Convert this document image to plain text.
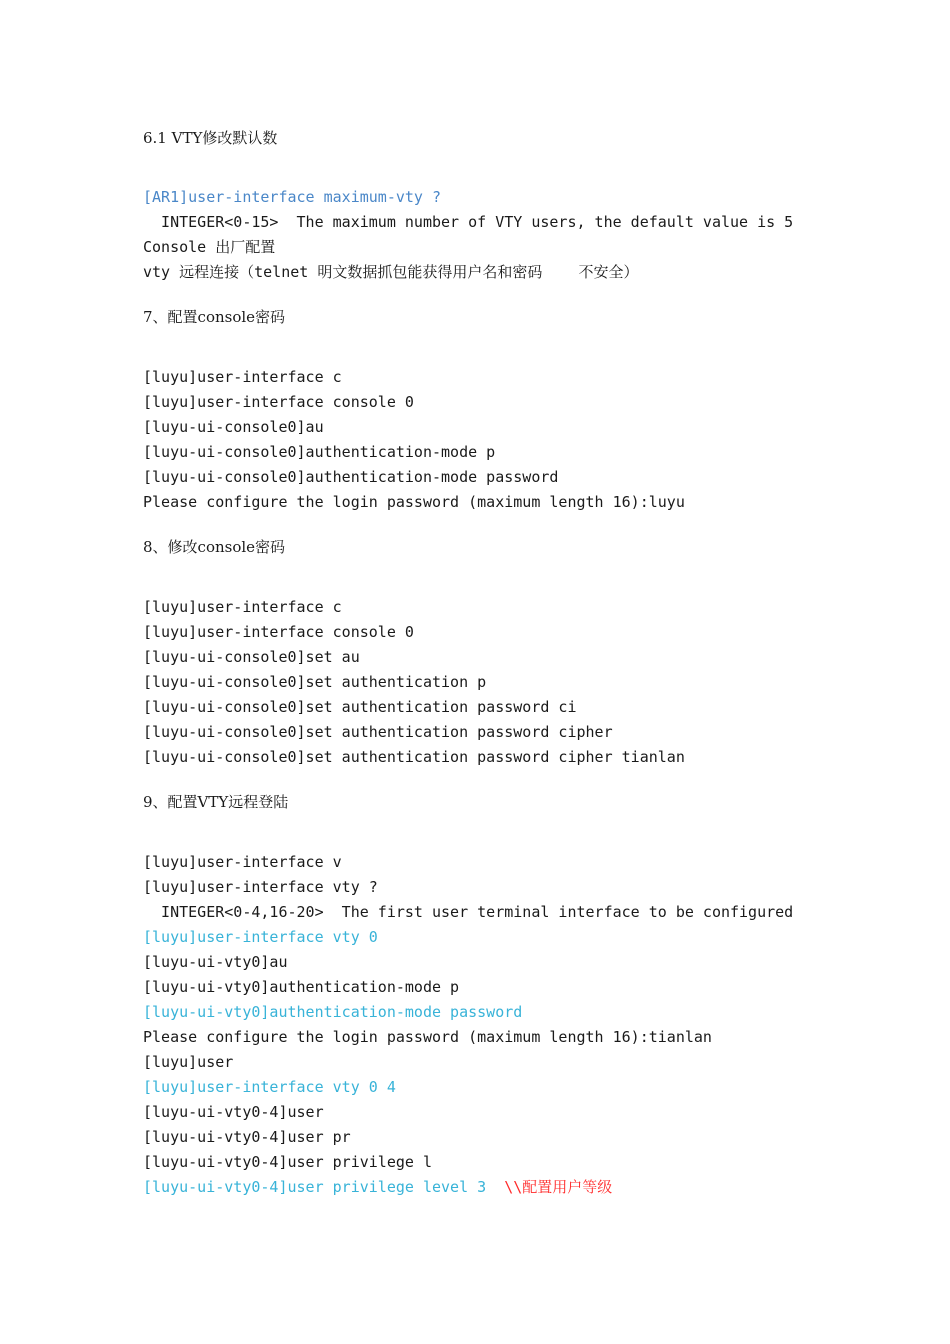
6.1 VTY修改默认数
[AR1]user-interface maximum-vty ?
INTEGER<0-15>  The maximum number of VTY users, the default value is 5
Console 出厂配置
vty 远程连接（telnet 明文数据抓包能获得用户名和密码    不安全）
7、配置console密码
[luyu]user-interface c
[luyu]user-interface console 0
[luyu-ui-console0]au
[luyu-ui-console0]authentication-mode p
[luyu-ui-console0]authentication-mode password
Please configure the login password (maximum length 16):luyu
8、修改console密码
[luyu]user-interface c
[luyu]user-interface console 0
[luyu-ui-console0]set au
[luyu-ui-console0]set authentication p
[luyu-ui-console0]set authentication password ci
[luyu-ui-console0]set authentication password cipher
[luyu-ui-console0]set authentication password cipher tianlan
9、配置VTY远程登陆
[luyu]user-interface v
[luyu]user-interface vty ?
INTEGER<0-4,16-20>  The first user terminal interface to be configured
[luyu]user-interface vty 0
[luyu-ui-vty0]au
[luyu-ui-vty0]authentication-mode p
[luyu-ui-vty0]authentication-mode password
Please configure the login password (maximum length 16):tianlan
[luyu]user
[luyu]user-interface vty 0 4
[luyu-ui-vty0-4]user
[luyu-ui-vty0-4]user pr
[luyu-ui-vty0-4]user privilege l
[luyu-ui-vty0-4]user privilege level 3  \\配置用户等级
